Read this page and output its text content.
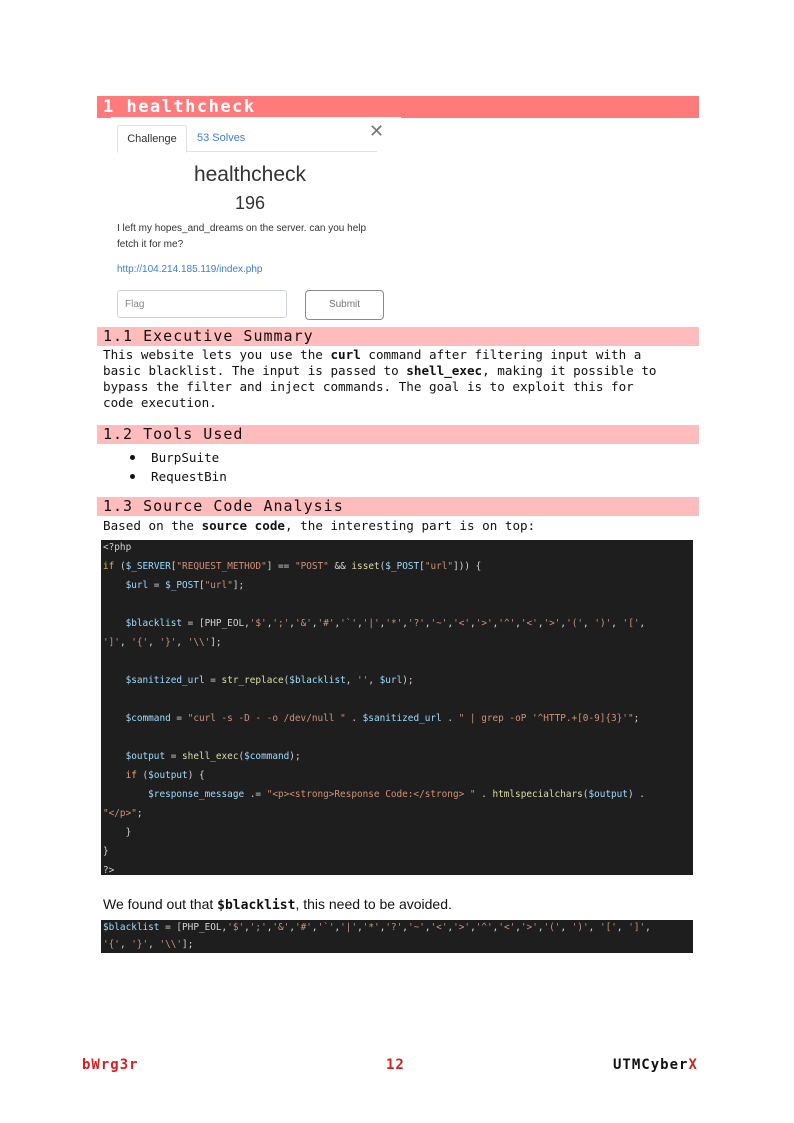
1 healthcheck
Challenge	53 Solves	✕
healthcheck
196
I left my hopes_and_dreams on the server. can you help fetch it for me?
http://104.214.185.119/index.php
Flag	Submit
1.1 Executive Summary
This website lets you use the curl command after filtering input with a
basic blacklist. The input is passed to shell_exec, making it possible to
bypass the filter and inject commands. The goal is to exploit this for
code execution.
1.2 Tools Used
BurpSuite
RequestBin
1.3 Source Code Analysis
Based on the source code, the interesting part is on top:
<?php
if ($_SERVER["REQUEST_METHOD"] == "POST" && isset($_POST["url"])) {
$url = $_POST["url"];
$blacklist = [PHP_EOL,'$',';','&','#','`','|','*','?','~','<','>','^','<','>','(', ')', '[',
']', '{', '}', '\\'];
$sanitized_url = str_replace($blacklist, '', $url);
$command = "curl -s -D - -o /dev/null " . $sanitized_url . " | grep -oP '^HTTP.+[0-9]{3}'";
$output = shell_exec($command);
if ($output) {
$response_message .= "<p><strong>Response Code:</strong> " . htmlspecialchars($output) .
"</p>";
}
}
?>
We found out that $blacklist, this need to be avoided.
$blacklist = [PHP_EOL,'$',';','&','#','`','|','*','?','~','<','>','^','<','>','(', ')', '[', ']',
'{', '}', '\\'];
bWrg3r	12	UTMCyberX
